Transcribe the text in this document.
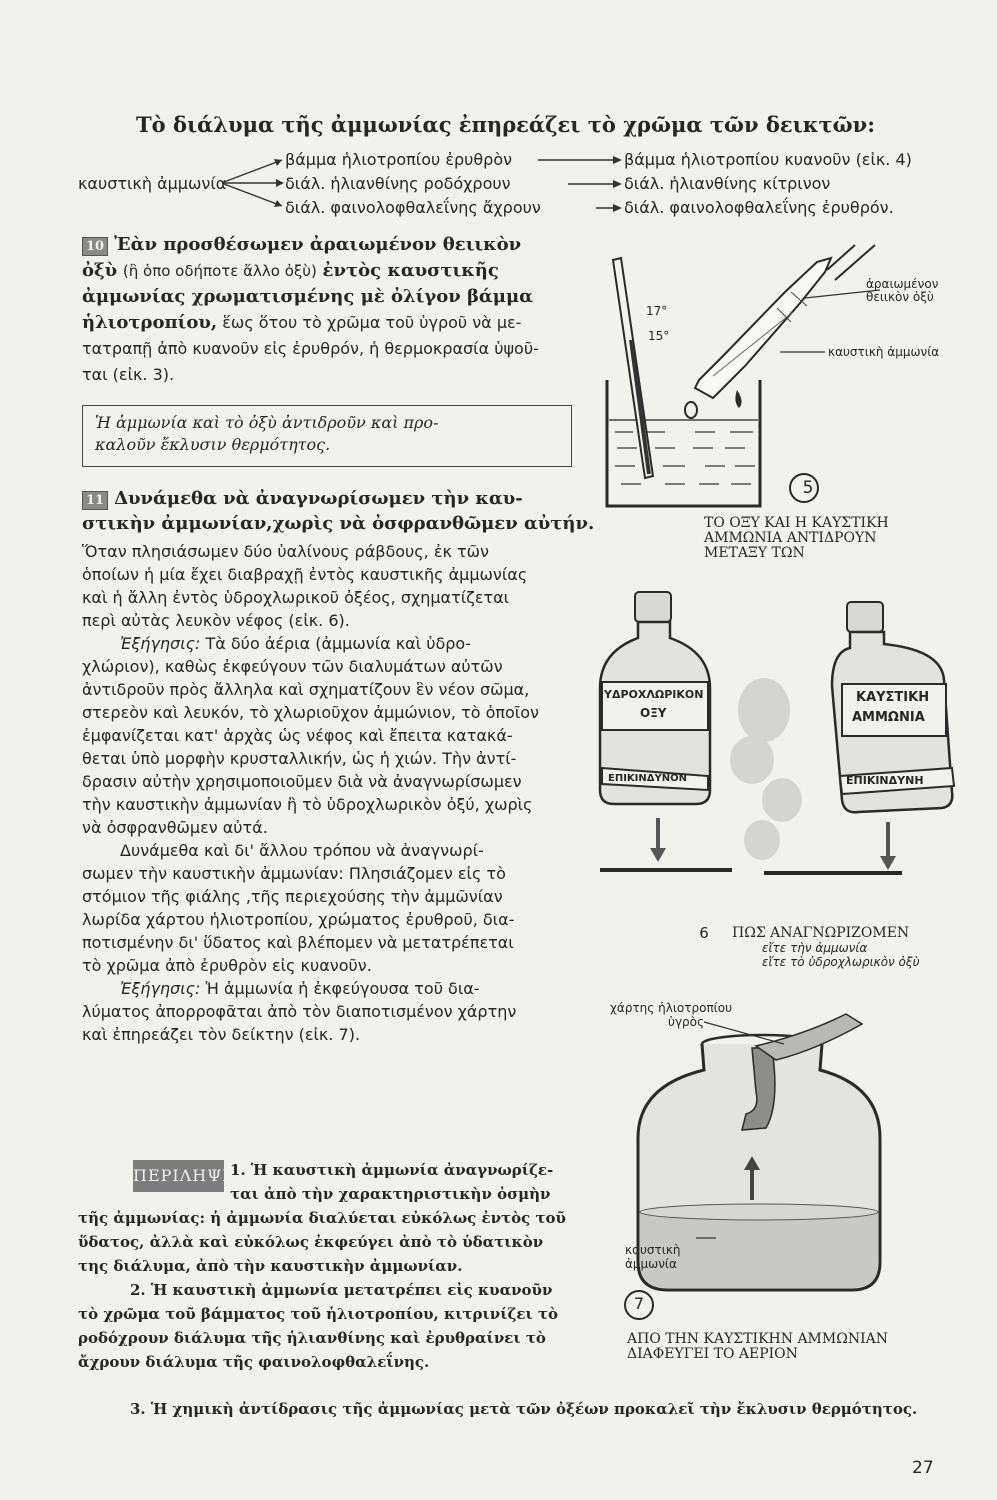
Τὸ διάλυμα τῆς ἀμμωνίας ἐπηρεάζει τὸ χρῶμα τῶν δεικτῶν:
καυστικὴ ἀμμωνία
βάμμα ἡλιοτροπίου ἐρυθρὸν
διάλ. ἡλιανθίνης ροδόχρουν
διάλ. φαινολοφθαλεΐνης ἄχρουν
βάμμα ἡλιοτροπίου κυανοῦν (εἰκ. 4)
διάλ. ἡλιανθίνης κίτρινον
διάλ. φαινολοφθαλεΐνης ἐρυθρόν.

10 Ἐὰν προσθέσωμεν ἀραιωμένον θειικὸν

ὀξὺ (ἢ ὁπο οδήποτε ἄλλο ὀξὺ) ἐντὸς καυστικῆς

ἀμμωνίας χρωματισμένης μὲ ὀλίγον βάμμα

ἡλιοτροπίου, ἕως ὅτου τὸ χρῶμα τοῦ ὑγροῦ νὰ με-

τατραπῇ ἀπὸ κυανοῦν εἰς ἐρυθρόν, ἡ θερμοκρασία ὑψοῦ-

ται (εἰκ. 3).

Ἡ ἀμμωνία καὶ τὸ ὀξὺ ἀντιδροῦν καὶ προ-
καλοῦν ἔκλυσιν θερμότητος.

11 Δυνάμεθα νὰ ἀναγνωρίσωμεν τὴν καυ-

στικὴν ἀμμωνίαν,χωρὶς νὰ ὀσφρανθῶμεν αὐτήν.

Ὅταν πλησιάσωμεν δύο ὑαλίνους ράβδους, ἐκ τῶν

ὁποίων ἡ μία ἔχει διαβραχῇ ἐντὸς καυστικῆς ἀμμωνίας

καὶ ἡ ἄλλη ἐντὸς ὑδροχλωρικοῦ ὀξέος, σχηματίζεται

περὶ αὐτὰς λευκὸν νέφος (εἰκ. 6).

Ἐξήγησις: Τὰ δύο ἀέρια (ἀμμωνία καὶ ὑδρο-

χλώριον), καθὼς ἐκφεύγουν τῶν διαλυμάτων αὐτῶν

ἀντιδροῦν πρὸς ἄλληλα καὶ σχηματίζουν ἓν νέον σῶμα,

στερεὸν καὶ λευκόν, τὸ χλωριοῦχον ἀμμώνιον, τὸ ὁποῖον

ἐμφανίζεται κατ' ἀρχὰς ὡς νέφος καὶ ἔπειτα κατακά-

θεται ὑπὸ μορφὴν κρυσταλλικήν, ὡς ἡ χιών. Τὴν ἀντί-

δρασιν αὐτὴν χρησιμοποιοῦμεν διὰ νὰ ἀναγνωρίσωμεν

τὴν καυστικὴν ἀμμωνίαν ἢ τὸ ὑδροχλωρικὸν ὀξύ, χωρὶς

νὰ ὀσφρανθῶμεν αὐτά.

Δυνάμεθα καὶ δι' ἄλλου τρόπου νὰ ἀναγνωρί-

σωμεν τὴν καυστικὴν ἀμμωνίαν: Πλησιάζομεν εἰς τὸ

στόμιον τῆς φιάλης ,τῆς περιεχούσης τὴν ἀμμῶνίαν

λωρίδα χάρτου ἡλιοτροπίου, χρώματος ἐρυθροῦ, δια-

ποτισμένην δι' ὕδατος καὶ βλέπομεν νὰ μετατρέπεται

τὸ χρῶμα ἀπὸ ἐρυθρὸν εἰς κυανοῦν.

Ἐξήγησις: Ἡ ἀμμωνία ἡ ἐκφεύγουσα τοῦ δια-

λύματος ἀπορροφᾶται ἀπὸ τὸν διαποτισμένον χάρτην

καὶ ἐπηρεάζει τὸν δείκτην (εἰκ. 7).

ΠΕΡΙΛΗΨΙΣ
1. Ἡ καυστικὴ ἀμμωνία ἀναγνωρίζε-
ται ἀπὸ τὴν χαρακτηριστικὴν ὀσμὴν
τῆς ἀμμωνίας: ἡ ἀμμωνία διαλύεται εὐκόλως ἐντὸς τοῦ
ὕδατος, ἀλλὰ καὶ εὐκόλως ἐκφεύγει ἀπὸ τὸ ὑδατικὸν
της διάλυμα, ἀπὸ τὴν καυστικὴν ἀμμωνίαν.
2. Ἡ καυστικὴ ἀμμωνία μετατρέπει εἰς κυανοῦν
τὸ χρῶμα τοῦ βάμματος τοῦ ἡλιοτροπίου, κιτρινίζει τὸ
ροδόχρουν διάλυμα τῆς ἡλιανθίνης καὶ ἐρυθραίνει τὸ
ἄχρουν διάλυμα τῆς φαινολοφθαλεΐνης.
3. Ἡ χημικὴ ἀντίδρασις τῆς ἀμμωνίας μετὰ τῶν ὀξέων προκαλεῖ τὴν ἔκλυσιν θερμότητος.
ἀραιωμένον
θειικὸν ὀξὺ
καυστικὴ ἀμμωνία
17°
15°
5
ΤΟ ΟΞΥ ΚΑΙ Η ΚΑΥΣΤΙΚΗ
ΑΜΜΩΝΙΑ ΑΝΤΙΔΡΟΥΝ
ΜΕΤΑΞΥ ΤΩΝ
ΥΔΡΟΧΛΩΡΙΚΟΝ
ΟΞΥ
ΕΠΙΚΙΝΔΥΝΟΝ
ΚΑΥΣΤΙΚΗ
ΑΜΜΩΝΙΑ
ΕΠΙΚΙΝΔΥΝΗ
6	ΠΩΣ ΑΝΑΓΝΩΡΙΖΟΜΕΝ
εἴτε τὴν ἀμμωνία
εἴτε τὸ ὑδροχλωρικὸν ὀξὺ
χάρτης ἡλιοτροπίου
ὑγρὸς
καυστικὴ
ἀμμωνία
7
ΑΠΟ ΤΗΝ ΚΑΥΣΤΙΚΗΝ ΑΜΜΩΝΙΑΝ
ΔΙΑΦΕΥΓΕΙ ΤΟ ΑΕΡΙΟΝ
27
